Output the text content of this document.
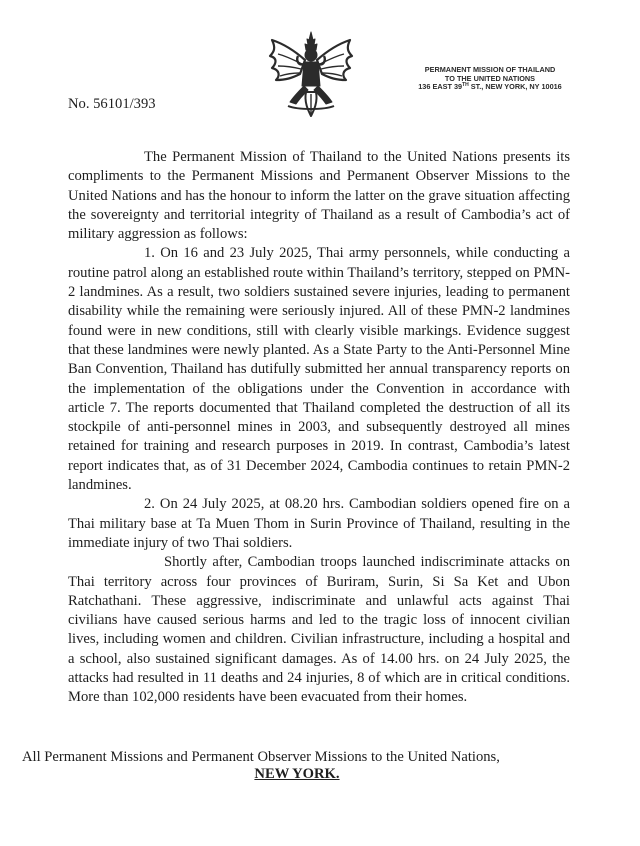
PERMANENT MISSION OF THAILAND
TO THE UNITED NATIONS
136 EAST 39TH ST., NEW YORK, NY 10016
No. 56101/393

The Permanent Mission of Thailand to the United Nations presents its compliments to the Permanent Missions and Permanent Observer Missions to the United Nations and has the honour to inform the latter on the grave situation affecting the sovereignty and territorial integrity of Thailand as a result of Cambodia’s act of military aggression as follows:

1. On 16 and 23 July 2025, Thai army personnels, while conducting a routine patrol along an established route within Thailand’s territory, stepped on PMN-2 landmines. As a result, two soldiers sustained severe injuries, leading to permanent disability while the remaining were seriously injured. All of these PMN-2 landmines found were in new conditions, still with clearly visible markings. Evidence suggest that these landmines were newly planted. As a State Party to the Anti-Personnel Mine Ban Convention, Thailand has dutifully submitted her annual transparency reports on the implementation of the obligations under the Convention in accordance with article 7. The reports documented that Thailand completed the destruction of all its stockpile of anti-personnel mines in 2003, and subsequently destroyed all mines retained for training and research purposes in 2019. In contrast, Cambodia’s latest report indicates that, as of 31 December 2024, Cambodia continues to retain PMN-2 landmines.

2. On 24 July 2025, at 08.20 hrs. Cambodian soldiers opened fire on a Thai military base at Ta Muen Thom in Surin Province of Thailand, resulting in the immediate injury of two Thai soldiers.

Shortly after, Cambodian troops launched indiscriminate attacks on Thai territory across four provinces of Buriram, Surin, Si Sa Ket and Ubon Ratchathani. These aggressive, indiscriminate and unlawful acts against Thai civilians have caused serious harms and led to the tragic loss of innocent civilian lives, including women and children. Civilian infrastructure, including a hospital and a school, also sustained significant damages. As of 14.00 hrs. on 24 July 2025, the attacks had resulted in 11 deaths and 24 injuries, 8 of which are in critical conditions. More than 102,000 residents have been evacuated from their homes.

All Permanent Missions and Permanent Observer Missions to the United Nations,
NEW YORK.
